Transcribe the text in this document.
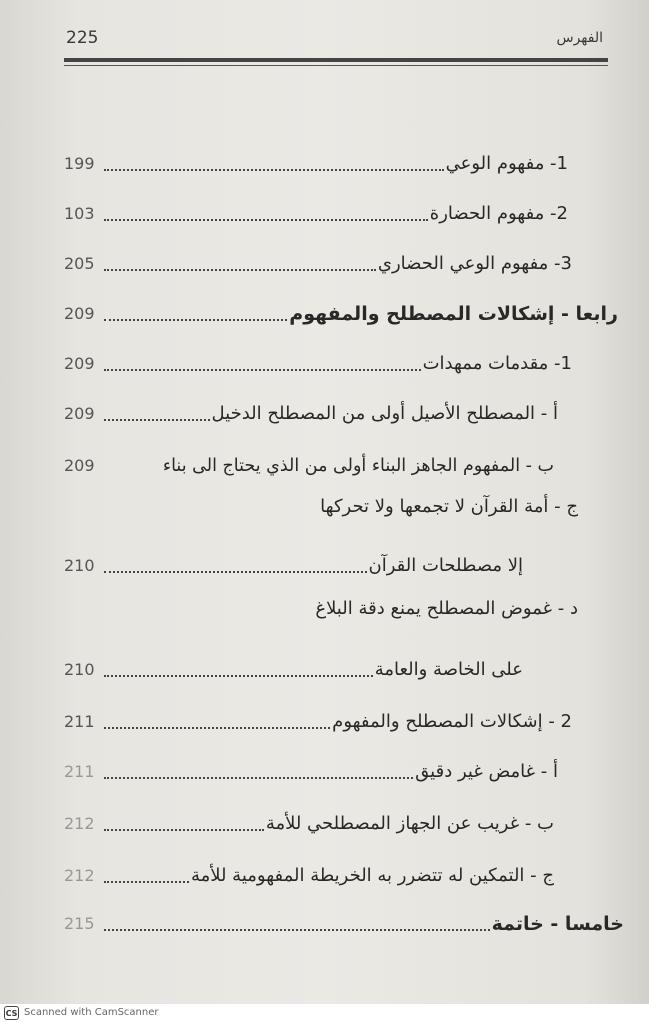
الفهرس
225
1- مفهوم الوعي
199
2- مفهوم الحضارة
103
3- مفهوم الوعي الحضاري
205
رابعا - إشكالات المصطلح والمفهوم
209
1- مقدمات ممهدات
209
أ - المصطلح الأصيل أولى من المصطلح الدخيل
209
ب - المفهوم الجاهز البناء أولى من الذي يحتاج الى بناء
209
ج - أمة القرآن لا تجمعها ولا تحركها
إلا مصطلحات القرآن
210
د - غموض المصطلح يمنع دقة البلاغ
على الخاصة والعامة
210
2 - إشكالات المصطلح والمفهوم
211
أ - غامض غير دقيق
211
ب - غريب عن الجهاز المصطلحي للأمة
212
ج - التمكين له تتضرر به الخريطة المفهومية للأمة
212
خامسا - خاتمة
215
CS Scanned with CamScanner
